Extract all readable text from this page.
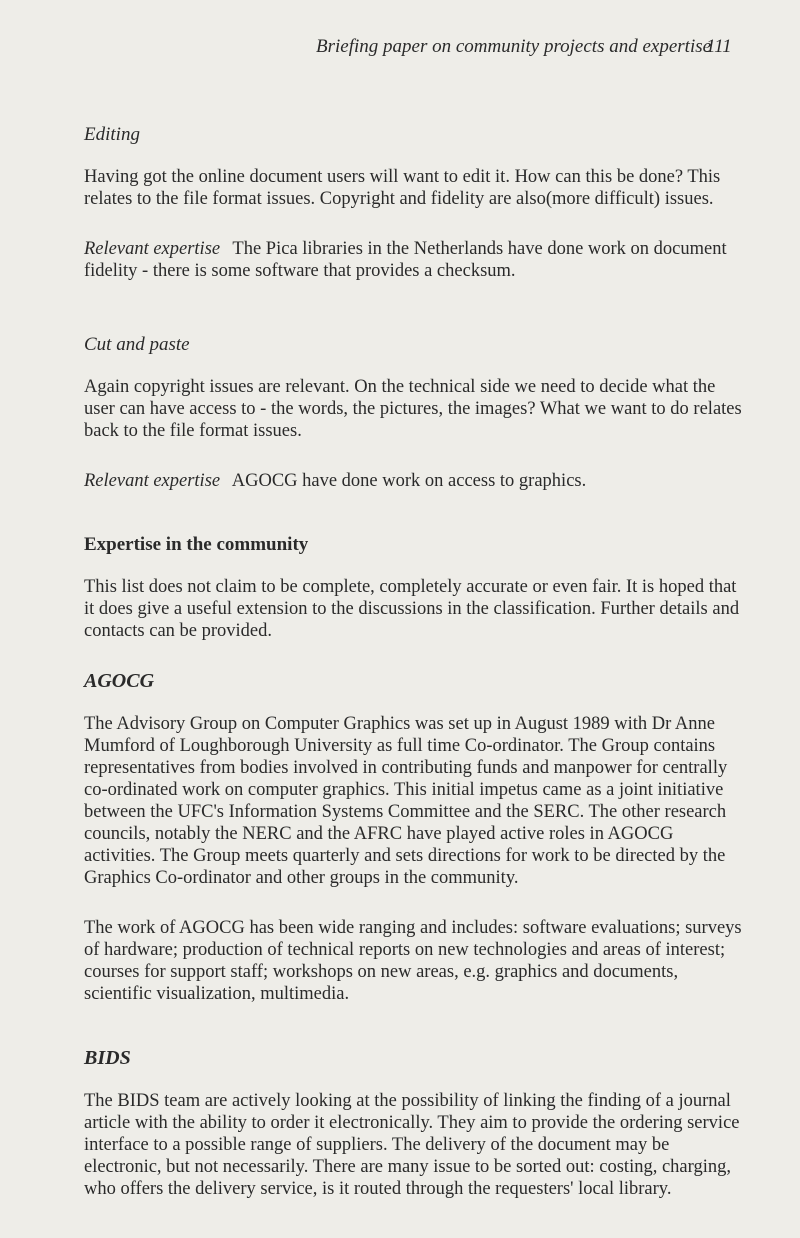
Briefing paper on community projects and expertise
111
Editing

Having got the online document users will want to edit it. How can this be done? This relates to the file format issues. Copyright and fidelity are also(more difficult) issues.

Relevant expertise The Pica libraries in the Netherlands have done work on document fidelity - there is some software that provides a checksum.

Cut and paste

Again copyright issues are relevant. On the technical side we need to decide what the user can have access to - the words, the pictures, the images? What we want to do relates back to the file format issues.

Relevant expertise AGOCG have done work on access to graphics.

Expertise in the community

This list does not claim to be complete, completely accurate or even fair. It is hoped that it does give a useful extension to the discussions in the classification. Further details and contacts can be provided.

AGOCG

The Advisory Group on Computer Graphics was set up in August 1989 with Dr Anne Mumford of Loughborough University as full time Co-ordinator. The Group contains representatives from bodies involved in contributing funds and manpower for centrally co-ordinated work on computer graphics. This initial impetus came as a joint initiative between the UFC's Information Systems Committee and the SERC. The other research councils, notably the NERC and the AFRC have played active roles in AGOCG activities. The Group meets quarterly and sets directions for work to be directed by the Graphics Co-ordinator and other groups in the community.

The work of AGOCG has been wide ranging and includes: software evaluations; surveys of hardware; production of technical reports on new technologies and areas of interest; courses for support staff; workshops on new areas, e.g. graphics and documents, scientific visualization, multimedia.

BIDS

The BIDS team are actively looking at the possibility of linking the finding of a journal article with the ability to order it electronically. They aim to provide the ordering service interface to a possible range of suppliers. The delivery of the document may be electronic, but not necessarily. There are many issue to be sorted out: costing, charging, who offers the delivery service, is it routed through the requesters' local library.
